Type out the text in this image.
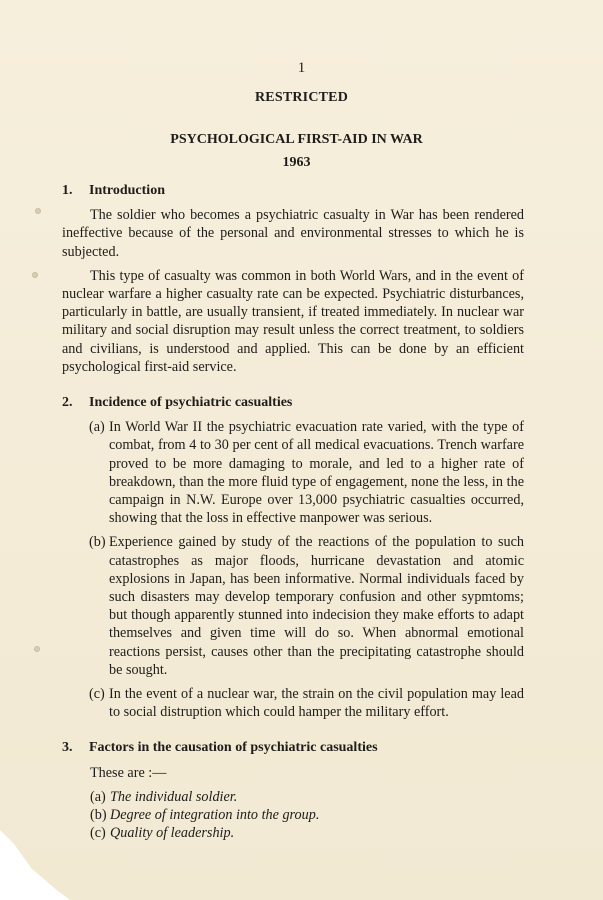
1
RESTRICTED
PSYCHOLOGICAL FIRST-AID IN WAR
1963
1.	Introduction

The soldier who becomes a psychiatric casualty in War has been rendered ineffective because of the personal and environmental stresses to which he is subjected.

This type of casualty was common in both World Wars, and in the event of nuclear warfare a higher casualty rate can be expected. Psychiatric disturbances, particularly in battle, are usually transient, if treated immediately. In nuclear war military and social disruption may result unless the correct treatment, to soldiers and civilians, is understood and applied. This can be done by an efficient psychological first-aid service.

2.	Incidence of psychiatric casualties
(a) In World War II the psychiatric evacuation rate varied, with the type of combat, from 4 to 30 per cent of all medical evacuations. Trench warfare proved to be more damaging to morale, and led to a higher rate of breakdown, than the more fluid type of engagement, none the less, in the campaign in N.W. Europe over 13,000 psychiatric casualties occurred, showing that the loss in effective manpower was serious.
(b) Experience gained by study of the reactions of the population to such catastrophes as major floods, hurricane devastation and atomic explosions in Japan, has been informative. Normal individuals faced by such disasters may develop temporary confusion and other sypmtoms; but though apparently stunned into indecision they make efforts to adapt themselves and given time will do so. When abnormal emotional reactions persist, causes other than the precipitating catastrophe should be sought.
(c) In the event of a nuclear war, the strain on the civil population may lead to social distruption which could hamper the military effort.
3.	Factors in the causation of psychiatric casualties
These are :—
(a) The individual soldier.
(b) Degree of integration into the group.
(c) Quality of leadership.
